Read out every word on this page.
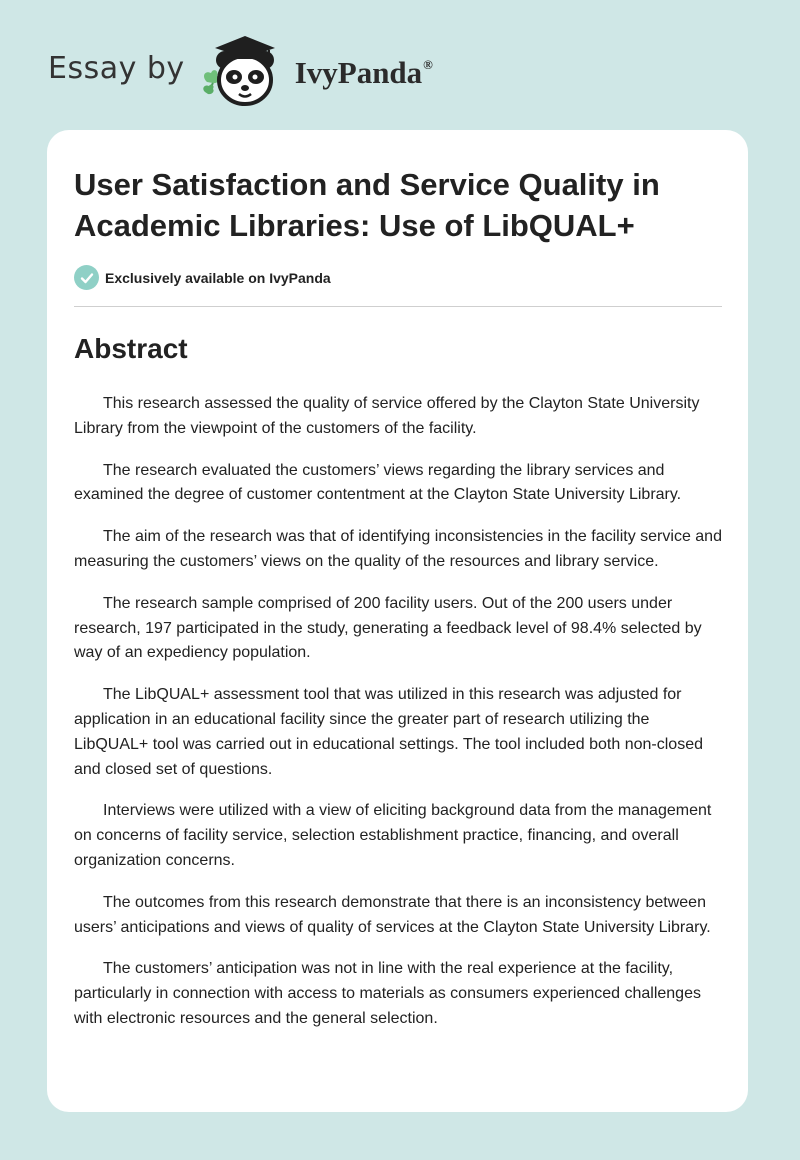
Essay by	IvyPanda®
User Satisfaction and Service Quality in Academic Libraries: Use of LibQUAL+
Exclusively available on IvyPanda
Abstract

This research assessed the quality of service offered by the Clayton State University Library from the viewpoint of the customers of the facility.

The research evaluated the customers’ views regarding the library services and examined the degree of customer contentment at the Clayton State University Library.

The aim of the research was that of identifying inconsistencies in the facility service and measuring the customers’ views on the quality of the resources and library service.

The research sample comprised of 200 facility users. Out of the 200 users under research, 197 participated in the study, generating a feedback level of 98.4% selected by way of an expediency population.

The LibQUAL+ assessment tool that was utilized in this research was adjusted for application in an educational facility since the greater part of research utilizing the LibQUAL+ tool was carried out in educational settings. The tool included both non-closed and closed set of questions.

Interviews were utilized with a view of eliciting background data from the management on concerns of facility service, selection establishment practice, financing, and overall organization concerns.

The outcomes from this research demonstrate that there is an inconsistency between users’ anticipations and views of quality of services at the Clayton State University Library.

The customers’ anticipation was not in line with the real experience at the facility, particularly in connection with access to materials as consumers experienced challenges with electronic resources and the general selection.
